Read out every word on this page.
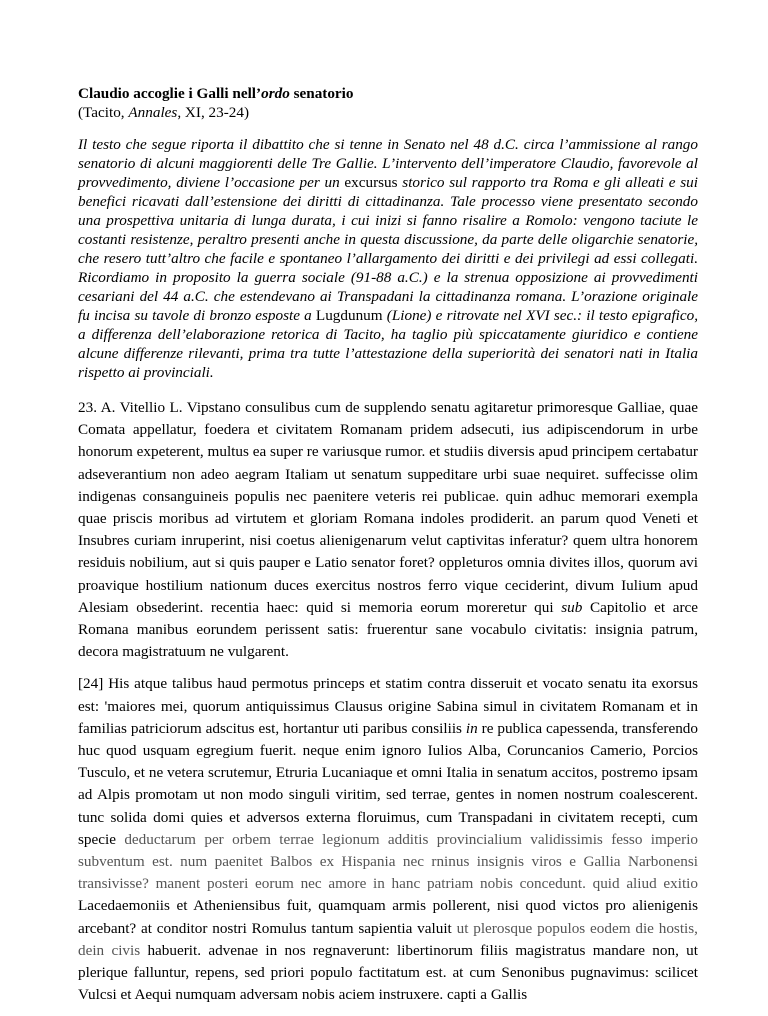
Claudio accoglie i Galli nell’ordo senatorio

(Tacito, Annales, XI, 23-24)

Il testo che segue riporta il dibattito che si tenne in Senato nel 48 d.C. circa l’ammissione al rango senatorio di alcuni maggiorenti delle Tre Gallie. L’intervento dell’imperatore Claudio, favorevole al provvedimento, diviene l’occasione per un excursus storico sul rapporto tra Roma e gli alleati e sui benefici ricavati dall’estensione dei diritti di cittadinanza. Tale processo viene presentato secondo una prospettiva unitaria di lunga durata, i cui inizi si fanno risalire a Romolo: vengono taciute le costanti resistenze, peraltro presenti anche in questa discussione, da parte delle oligarchie senatorie, che resero tutt’altro che facile e spontaneo l’allargamento dei diritti e dei privilegi ad essi collegati. Ricordiamo in proposito la guerra sociale (91-88 a.C.) e la strenua opposizione ai provvedimenti cesariani del 44 a.C. che estendevano ai Transpadani la cittadinanza romana. L’orazione originale fu incisa su tavole di bronzo esposte a Lugdunum (Lione) e ritrovate nel XVI sec.: il testo epigrafico, a differenza dell’elaborazione retorica di Tacito, ha taglio più spiccatamente giuridico e contiene alcune differenze rilevanti, prima tra tutte l’attestazione della superiorità dei senatori nati in Italia rispetto ai provinciali.

23. A. Vitellio L. Vipstano consulibus cum de supplendo senatu agitaretur primoresque Galliae, quae Comata appellatur, foedera et civitatem Romanam pridem adsecuti, ius adipiscendorum in urbe honorum expeterent, multus ea super re variusque rumor. et studiis diversis apud principem certabatur adseverantium non adeo aegram Italiam ut senatum suppeditare urbi suae nequiret. suffecisse olim indigenas consanguineis populis nec paenitere veteris rei publicae. quin adhuc memorari exempla quae priscis moribus ad virtutem et gloriam Romana indoles prodiderit. an parum quod Veneti et Insubres curiam inruperint, nisi coetus alienigenarum velut captivitas inferatur? quem ultra honorem residuis nobilium, aut si quis pauper e Latio senator foret? oppleturos omnia divites illos, quorum avi proavique hostilium nationum duces exercitus nostros ferro vique ceciderint, divum Iulium apud Alesiam obsederint. recentia haec: quid si memoria eorum moreretur qui sub Capitolio et arce Romana manibus eorundem perissent satis: fruerentur sane vocabulo civitatis: insignia patrum, decora magistratuum ne vulgarent.

[24] His atque talibus haud permotus princeps et statim contra disseruit et vocato senatu ita exorsus est: 'maiores mei, quorum antiquissimus Clausus origine Sabina simul in civitatem Romanam et in familias patriciorum adscitus est, hortantur uti paribus consiliis in re publica capessenda, transferendo huc quod usquam egregium fuerit. neque enim ignoro Iulios Alba, Coruncanios Camerio, Porcios Tusculo, et ne vetera scrutemur, Etruria Lucaniaque et omni Italia in senatum accitos, postremo ipsam ad Alpis promotam ut non modo singuli viritim, sed terrae, gentes in nomen nostrum coalescerent. tunc solida domi quies et adversos externa floruimus, cum Transpadani in civitatem recepti, cum specie deductarum per orbem terrae legionum additis provincialium validissimis fesso imperio subventum est. num paenitet Balbos ex Hispania nec rninus insignis viros e Gallia Narbonensi transivisse? manent posteri eorum nec amore in hanc patriam nobis concedunt. quid aliud exitio Lacedaemoniis et Atheniensibus fuit, quamquam armis pollerent, nisi quod victos pro alienigenis arcebant? at conditor nostri Romulus tantum sapientia valuit ut plerosque populos eodem die hostis, dein civis habuerit. advenae in nos regnaverunt: libertinorum filiis magistratus mandare non, ut plerique falluntur, repens, sed priori populo factitatum est. at cum Senonibus pugnavimus: scilicet Vulcsi et Aequi numquam adversam nobis aciem instruxere. capti a Gallis
